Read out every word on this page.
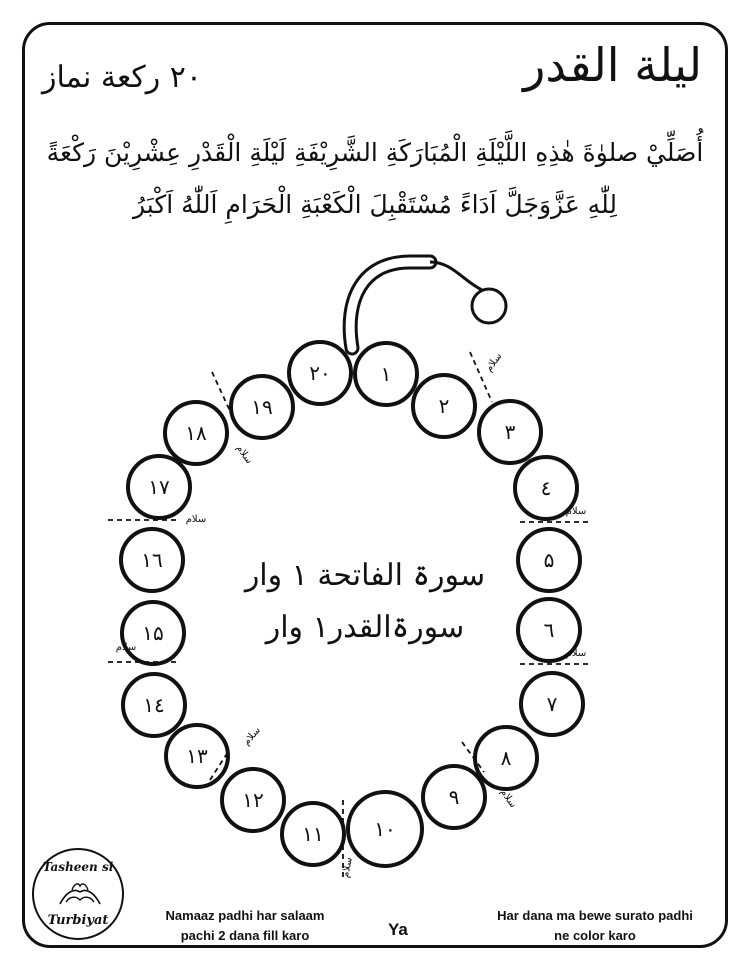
ليلة القدر
۲۰ رکعة نماز
أُصَلِّيْ صلوٰةَ هٰذِهِ اللَّيْلَةِ الْمُبَارَكَةِ الشَّرِيْفَةِ لَيْلَةِ الْقَدْرِ عِشْرِيْنَ رَكْعَةً
لِلّٰهِ عَزَّوَجَلَّ اَدَاءً مُسْتَقْبِلَ الْكَعْبَةِ الْحَرَامِ اَللّٰهُ اَكْبَرُ
۱
۲
۳
٤
۵
٦
۷
۸
۹
۱۰
۱۱
۱۲
۱۳
١٤
۱۵
١٦
۱۷
۱۸
۱۹
۲۰	سلام
سلام
سلام
سلام
سلام
سلام
سلام
سلام
سلام
سورۃ الفاتحة ۱ وار
سورۃالقدر۱ وار
Tasheen si
Turbiyat	Namaaz padhi har salaam
pachi 2 dana fill karo	Ya
Har dana ma bewe surato padhi
ne color karo
